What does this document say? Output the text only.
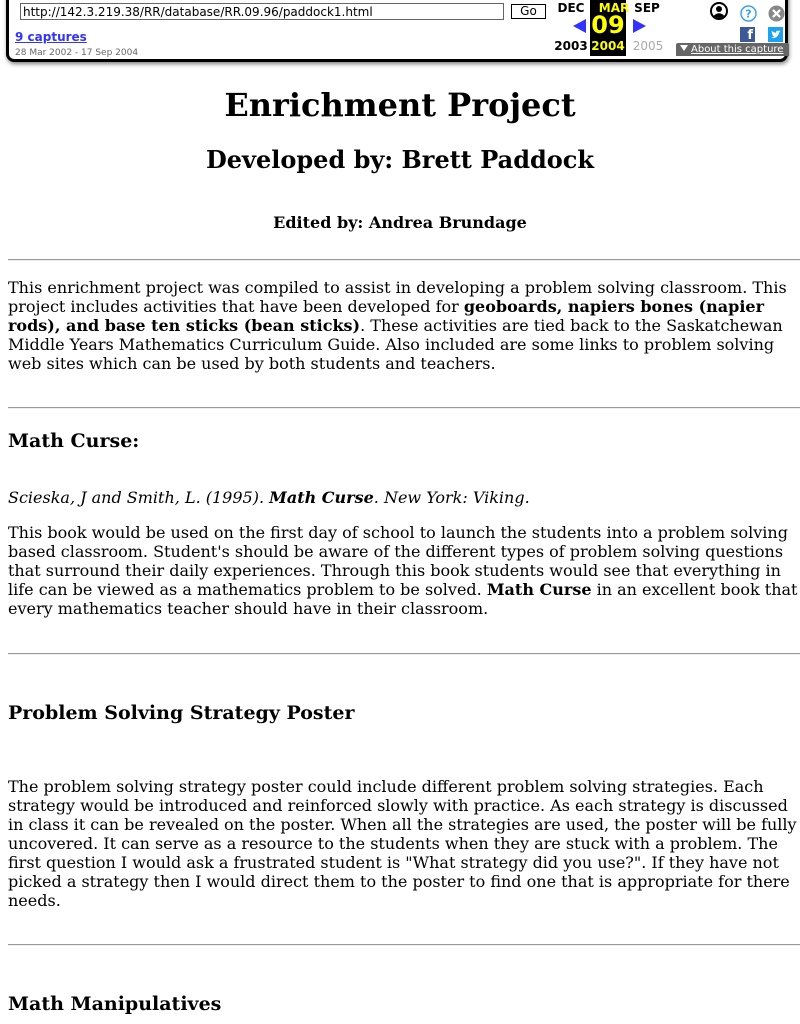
http://142.3.219.38/RR/database/RR.09.96/paddock1.html
Go
9 captures
28 Mar 2002 - 17 Sep 2004
DEC	MAR SEP
09
2003 2004 2005
?
f
About this capture
Enrichment Project
Developed by: Brett Paddock
Edited by: Andrea Brundage

This enrichment project was compiled to assist in developing a problem solving classroom. This project includes activities that have been developed for geoboards, napiers bones (napier rods), and base ten sticks (bean sticks). These activities are tied back to the Saskatchewan Middle Years Mathematics Curriculum Guide. Also included are some links to problem solving web sites which can be used by both students and teachers.

Math Curse:

Scieska, J and Smith, L. (1995). Math Curse. New York: Viking.

This book would be used on the first day of school to launch the students into a problem solving based classroom. Student's should be aware of the different types of problem solving questions that surround their daily experiences. Through this book students would see that everything in life can be viewed as a mathematics problem to be solved. Math Curse in an excellent book that every mathematics teacher should have in their classroom.

Problem Solving Strategy Poster

The problem solving strategy poster could include different problem solving strategies. Each strategy would be introduced and reinforced slowly with practice. As each strategy is discussed in class it can be revealed on the poster. When all the strategies are used, the poster will be fully uncovered. It can serve as a resource to the students when they are stuck with a problem. The first question I would ask a frustrated student is "What strategy did you use?". If they have not picked a strategy then I would direct them to the poster to find one that is appropriate for there needs.

Math Manipulatives
